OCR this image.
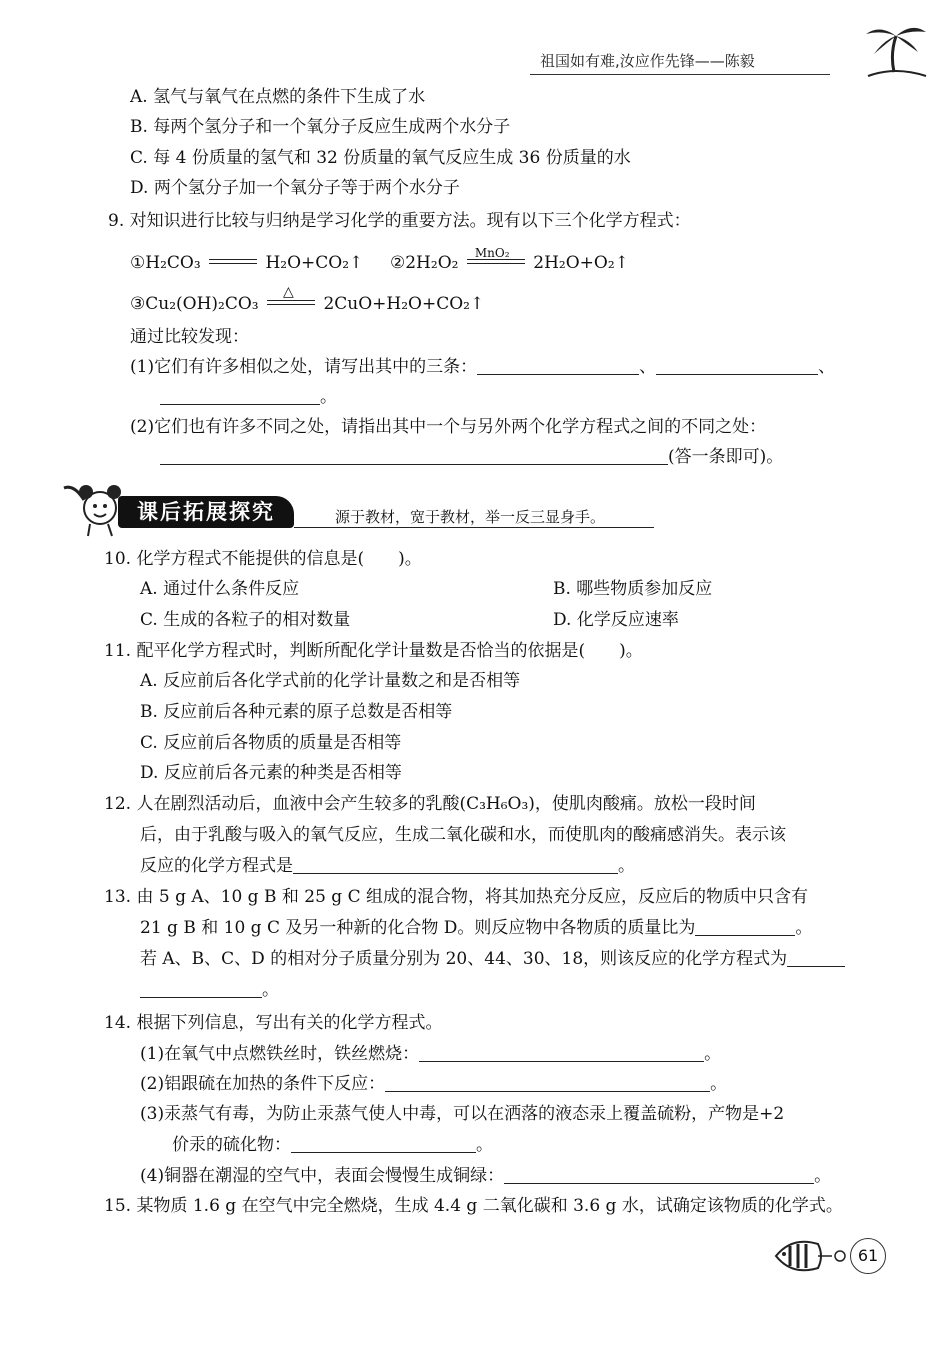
祖国如有难,汝应作先锋——陈毅
A. 氢气与氧气在点燃的条件下生成了水
B. 每两个氢分子和一个氧分子反应生成两个水分子
C. 每 4 份质量的氢气和 32 份质量的氧气反应生成 36 份质量的水
D. 两个氢分子加一个氧分子等于两个水分子
9. 对知识进行比较与归纳是学习化学的重要方法。现有以下三个化学方程式：
①H₂CO₃	H₂O+CO₂↑ ②2H₂O₂ MnO₂ 2H₂O+O₂↑
③Cu₂(OH)₂CO₃
△
2CuO+H₂O+CO₂↑
通过比较发现：
(1)它们有许多相似之处，请写出其中的三条：	、	、
。
(2)它们也有许多不同之处，请指出其中一个与另外两个化学方程式之间的不同之处：
(答一条即可)。
课后拓展探究	源于教材，宽于教材，举一反三显身手。
10. 化学方程式不能提供的信息是(　　)。
A. 通过什么条件反应	B. 哪些物质参加反应
C. 生成的各粒子的相对数量	D. 化学反应速率
11. 配平化学方程式时，判断所配化学计量数是否恰当的依据是(　　)。
A. 反应前后各化学式前的化学计量数之和是否相等
B. 反应前后各种元素的原子总数是否相等
C. 反应前后各物质的质量是否相等
D. 反应前后各元素的种类是否相等
12. 人在剧烈活动后，血液中会产生较多的乳酸(C₃H₆O₃)，使肌肉酸痛。放松一段时间
后，由于乳酸与吸入的氧气反应，生成二氧化碳和水，而使肌肉的酸痛感消失。表示该
反应的化学方程式是	。
13. 由 5 g A、10 g B 和 25 g C 组成的混合物，将其加热充分反应，反应后的物质中只含有
21 g B 和 10 g C 及另一种新的化合物 D。则反应物中各物质的质量比为	。
若 A、B、C、D 的相对分子质量分别为 20、44、30、18，则该反应的化学方程式为
。
14. 根据下列信息，写出有关的化学方程式。
(1)在氧气中点燃铁丝时，铁丝燃烧：	。
(2)铝跟硫在加热的条件下反应：	。
(3)汞蒸气有毒，为防止汞蒸气使人中毒，可以在洒落的液态汞上覆盖硫粉，产物是+2
价汞的硫化物：	。
(4)铜器在潮湿的空气中，表面会慢慢生成铜绿：	。
15. 某物质 1.6 g 在空气中完全燃烧，生成 4.4 g 二氧化碳和 3.6 g 水，试确定该物质的化学式。
61
